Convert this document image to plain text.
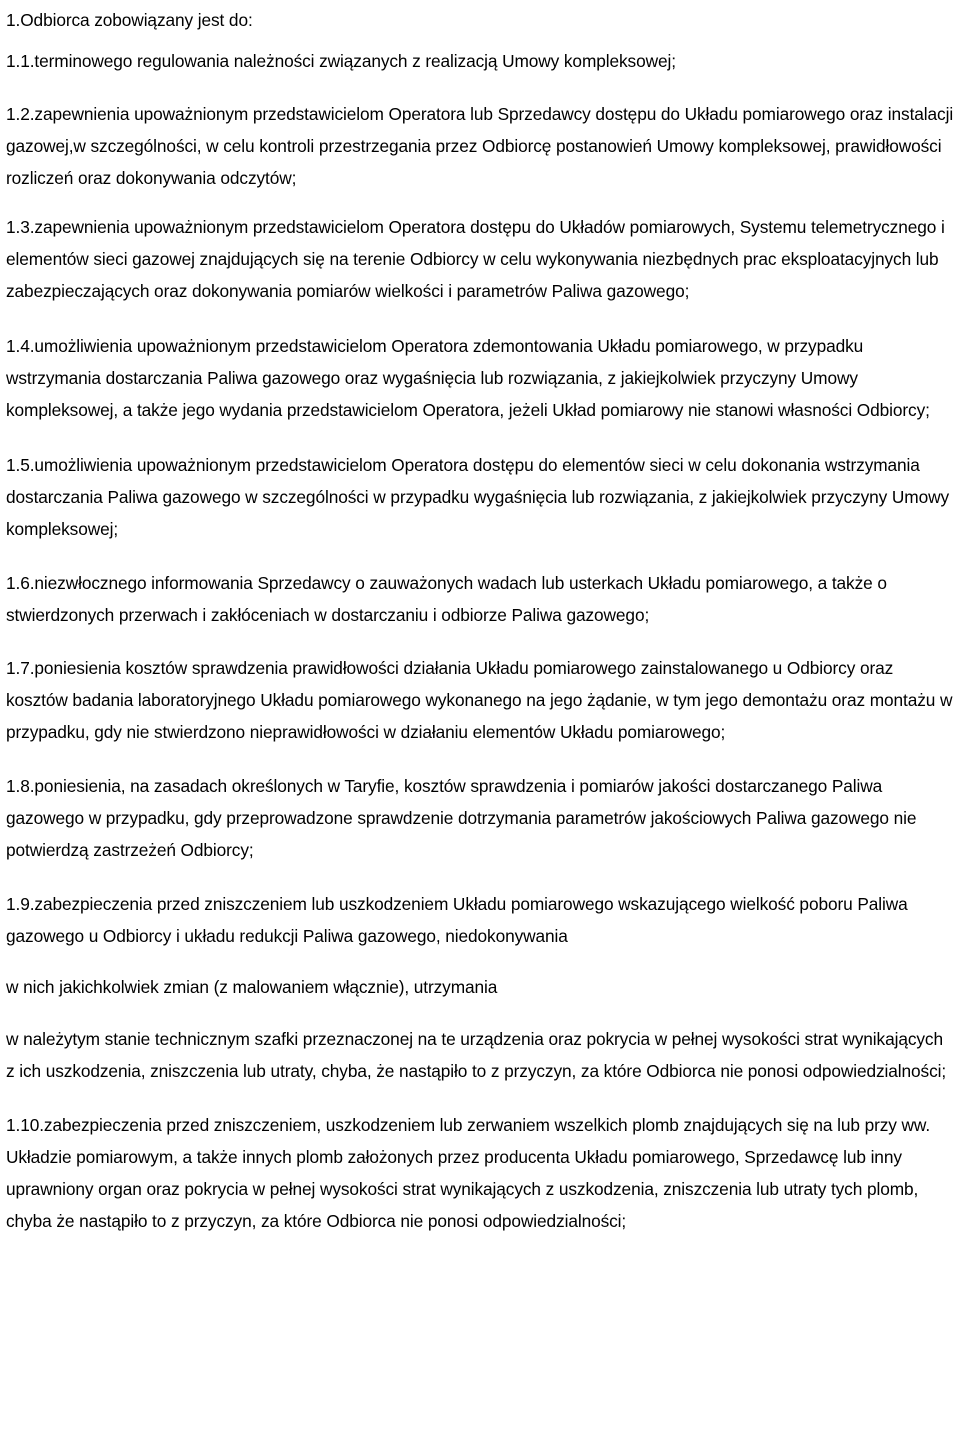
1.Odbiorca zobowiązany jest do:

1.1.terminowego regulowania należności związanych z realizacją Umowy kompleksowej;

1.2.zapewnienia upoważnionym przedstawicielom Operatora lub Sprzedawcy dostępu do Układu pomiarowego oraz instalacji gazowej,w szczególności, w celu kontroli przestrzegania przez Odbiorcę postanowień Umowy kompleksowej, prawidłowości rozliczeń oraz dokonywania odczytów;

1.3.zapewnienia upoważnionym przedstawicielom Operatora dostępu do Układów pomiarowych, Systemu telemetrycznego i elementów sieci gazowej znajdujących się na terenie Odbiorcy w celu wykonywania niezbędnych prac eksploatacyjnych lub zabezpieczających oraz dokonywania pomiarów wielkości i parametrów Paliwa gazowego;

1.4.umożliwienia upoważnionym przedstawicielom Operatora zdemontowania Układu pomiarowego, w przypadku wstrzymania dostarczania Paliwa gazowego oraz wygaśnięcia lub rozwiązania, z jakiejkolwiek przyczyny Umowy kompleksowej, a także jego wydania przedstawicielom Operatora, jeżeli Układ pomiarowy nie stanowi własności Odbiorcy;

1.5.umożliwienia upoważnionym przedstawicielom Operatora dostępu do elementów sieci w celu dokonania wstrzymania dostarczania Paliwa gazowego w szczególności w przypadku wygaśnięcia lub rozwiązania, z jakiejkolwiek przyczyny Umowy kompleksowej;

1.6.niezwłocznego informowania Sprzedawcy o zauważonych wadach lub usterkach Układu pomiarowego, a także o stwierdzonych przerwach i zakłóceniach w dostarczaniu i odbiorze Paliwa gazowego;

1.7.poniesienia kosztów sprawdzenia prawidłowości działania Układu pomiarowego zainstalowanego u Odbiorcy oraz kosztów badania laboratoryjnego Układu pomiarowego wykonanego na jego żądanie, w tym jego demontażu oraz montażu w przypadku, gdy nie stwierdzono nieprawidłowości w działaniu elementów Układu pomiarowego;

1.8.poniesienia, na zasadach określonych w Taryfie, kosztów sprawdzenia i pomiarów jakości dostarczanego Paliwa gazowego w przypadku, gdy przeprowadzone sprawdzenie dotrzymania parametrów jakościowych Paliwa gazowego nie potwierdzą zastrzeżeń Odbiorcy;

1.9.zabezpieczenia przed zniszczeniem lub uszkodzeniem Układu pomiarowego wskazującego wielkość poboru Paliwa gazowego u Odbiorcy i układu redukcji Paliwa gazowego, niedokonywania

w nich jakichkolwiek zmian (z malowaniem włącznie), utrzymania

w należytym stanie technicznym szafki przeznaczonej na te urządzenia oraz pokrycia w pełnej wysokości strat wynikających z ich uszkodzenia, zniszczenia lub utraty, chyba, że nastąpiło to z przyczyn, za które Odbiorca nie ponosi odpowiedzialności;

1.10.zabezpieczenia przed zniszczeniem, uszkodzeniem lub zerwaniem wszelkich plomb znajdujących się na lub przy ww. Układzie pomiarowym, a także innych plomb założonych przez producenta Układu pomiarowego, Sprzedawcę lub inny uprawniony organ oraz pokrycia w pełnej wysokości strat wynikających z uszkodzenia, zniszczenia lub utraty tych plomb, chyba że nastąpiło to z przyczyn, za które Odbiorca nie ponosi odpowiedzialności;
